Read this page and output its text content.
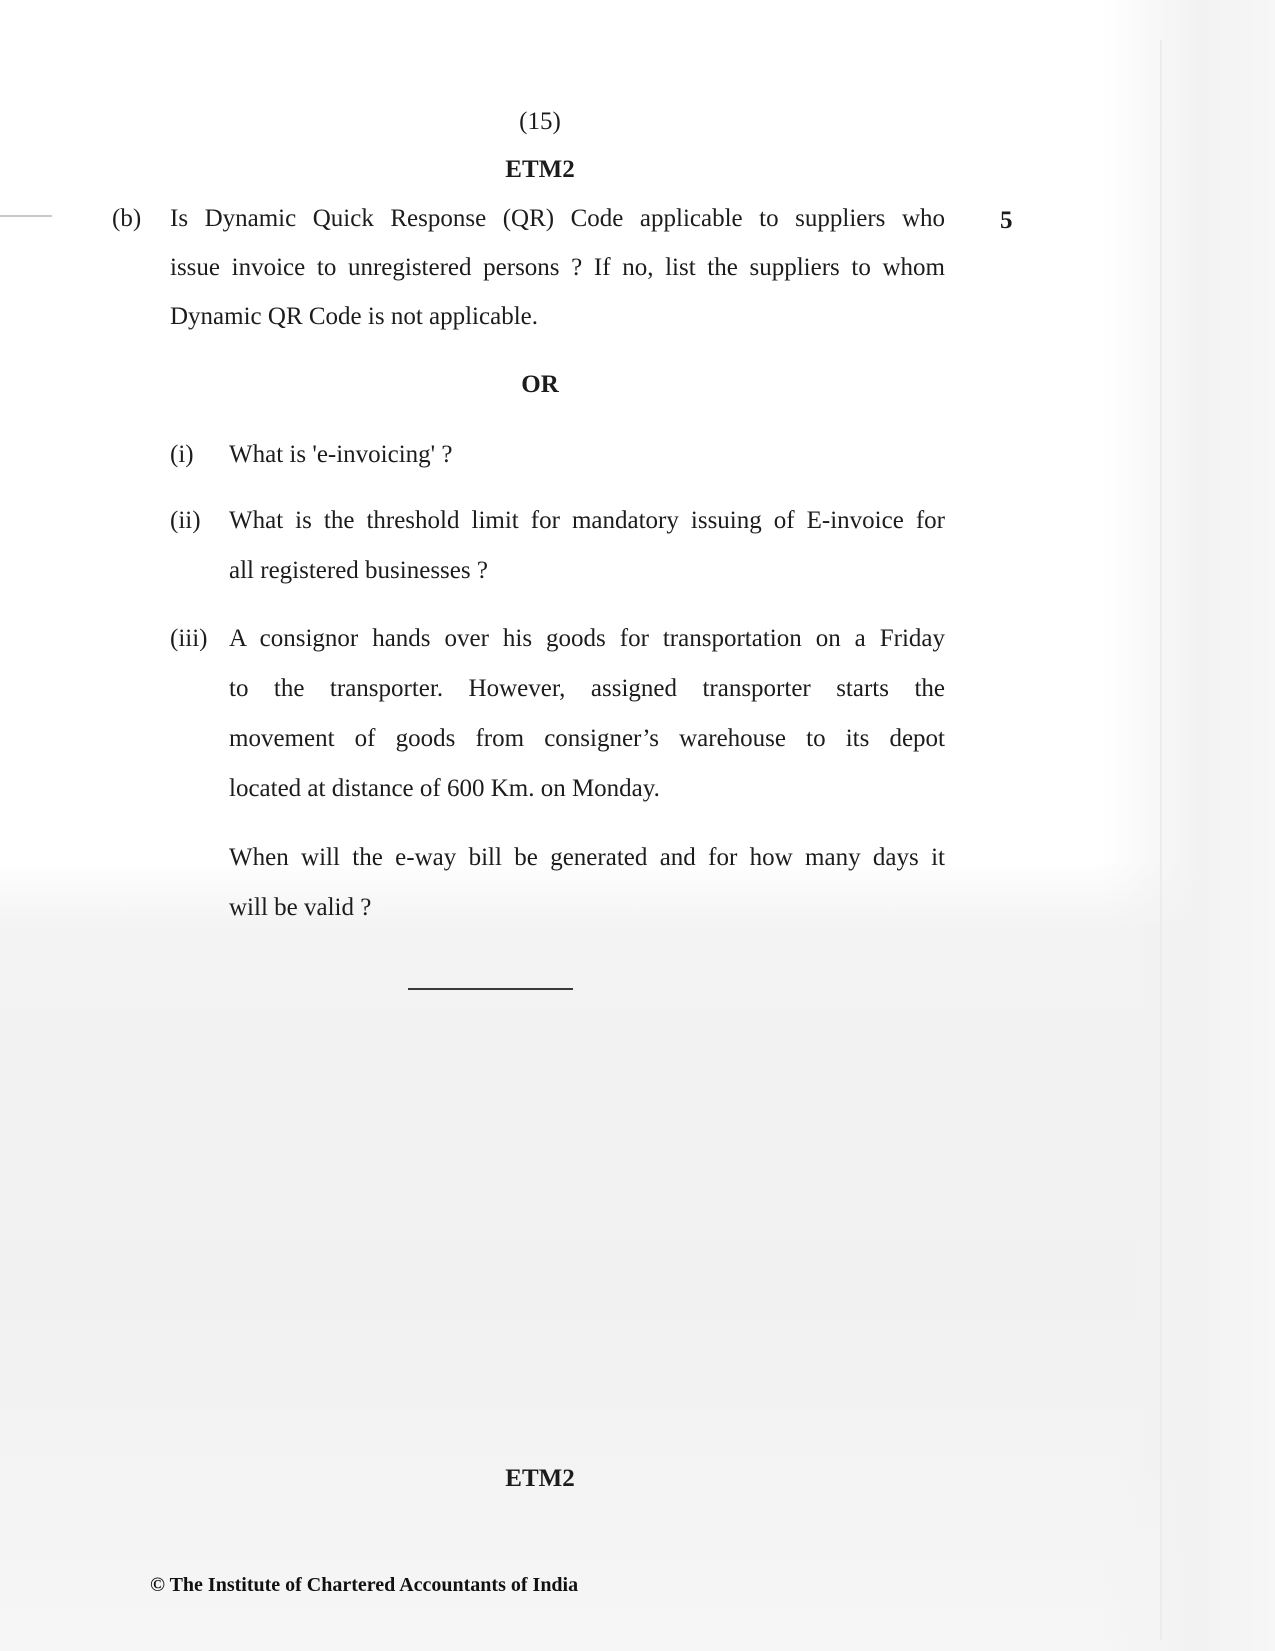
(15)
ETM2
(b)	5
Is Dynamic Quick Response (QR) Code applicable to suppliers who
issue invoice to unregistered persons ? If no, list the suppliers to whom
Dynamic QR Code is not applicable.
OR
(i) What is 'e-invoicing' ?
(ii) What is the threshold limit for mandatory issuing of E-invoice for
all registered businesses ?
(iii) A consignor hands over his goods for transportation on a Friday
to the transporter. However, assigned transporter starts the
movement of goods from consigner’s warehouse to its depot
located at distance of 600 Km. on Monday.
When will the e-way bill be generated and for how many days it
will be valid ?
ETM2
© The Institute of Chartered Accountants of India
